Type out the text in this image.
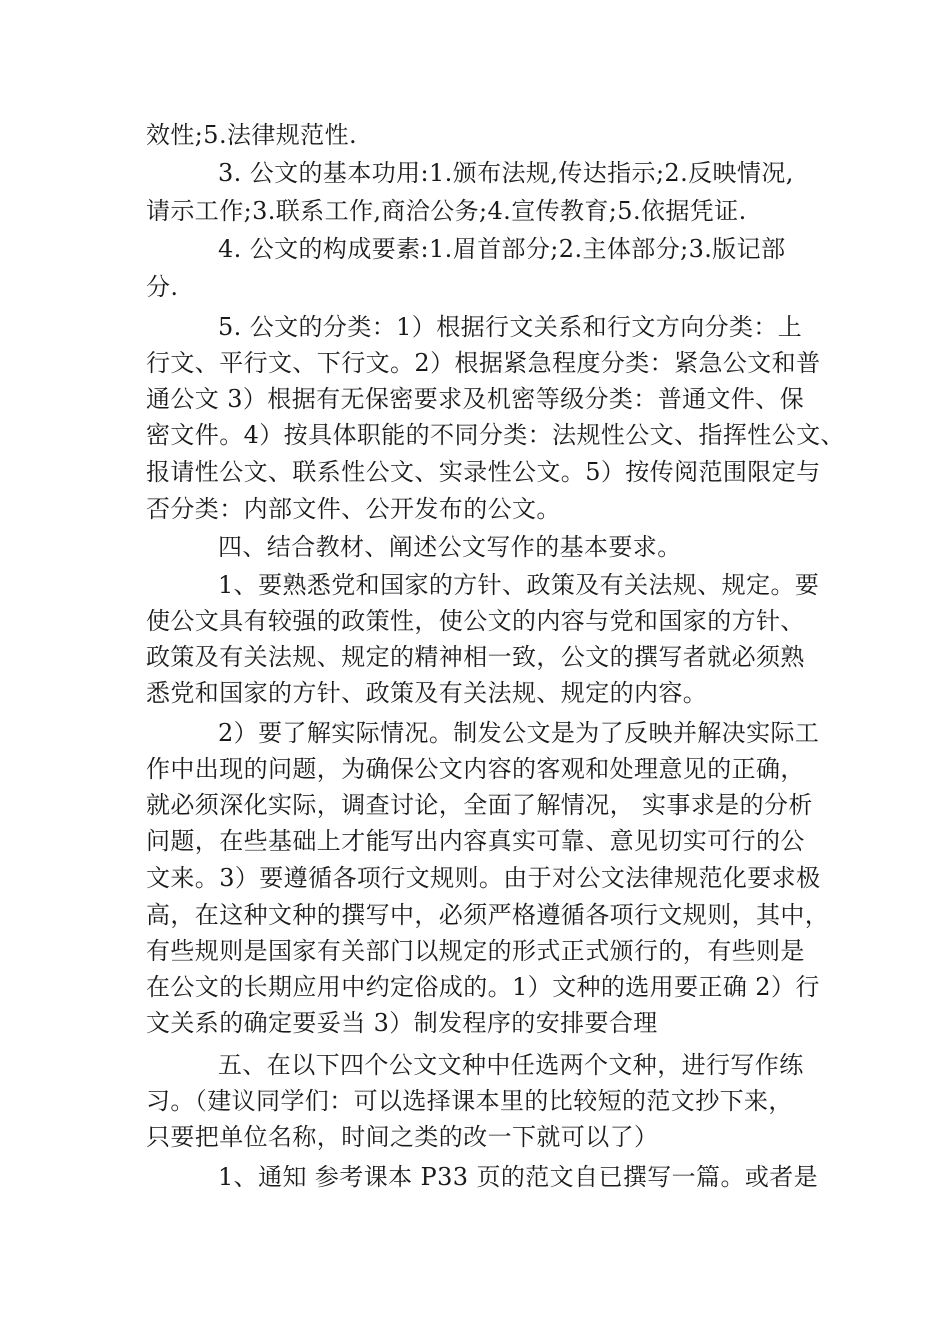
效性;5.法律规范性.
3. 公文的基本功用:1.颁布法规,传达指示;2.反映情况,
请示工作;3.联系工作,商洽公务;4.宣传教育;5.依据凭证.
4. 公文的构成要素:1.眉首部分;2.主体部分;3.版记部
分.
5. 公文的分类：1）根据行文关系和行文方向分类：上
行文、平行文、下行文。2）根据紧急程度分类：紧急公文和普
通公文 3）根据有无保密要求及机密等级分类：普通文件、保
密文件。4）按具体职能的不同分类：法规性公文、指挥性公文、
报请性公文、联系性公文、实录性公文。5）按传阅范围限定与
否分类：内部文件、公开发布的公文。
四、结合教材、阐述公文写作的基本要求。
1、要熟悉党和国家的方针、政策及有关法规、规定。要
使公文具有较强的政策性，使公文的内容与党和国家的方针、
政策及有关法规、规定的精神相一致，公文的撰写者就必须熟
悉党和国家的方针、政策及有关法规、规定的内容。
2）要了解实际情况。制发公文是为了反映并解决实际工
作中出现的问题，为确保公文内容的客观和处理意见的正确，
就必须深化实际，调查讨论，全面了解情况， 实事求是的分析
问题，在些基础上才能写出内容真实可靠、意见切实可行的公
文来。3）要遵循各项行文规则。由于对公文法律规范化要求极
高，在这种文种的撰写中，必须严格遵循各项行文规则，其中，
有些规则是国家有关部门以规定的形式正式颁行的，有些则是
在公文的长期应用中约定俗成的。1）文种的选用要正确 2）行
文关系的确定要妥当 3）制发程序的安排要合理
五、在以下四个公文文种中任选两个文种，进行写作练
习。（建议同学们：可以选择课本里的比较短的范文抄下来，
只要把单位名称，时间之类的改一下就可以了）
1、通知 参考课本 P33 页的范文自已撰写一篇。或者是
